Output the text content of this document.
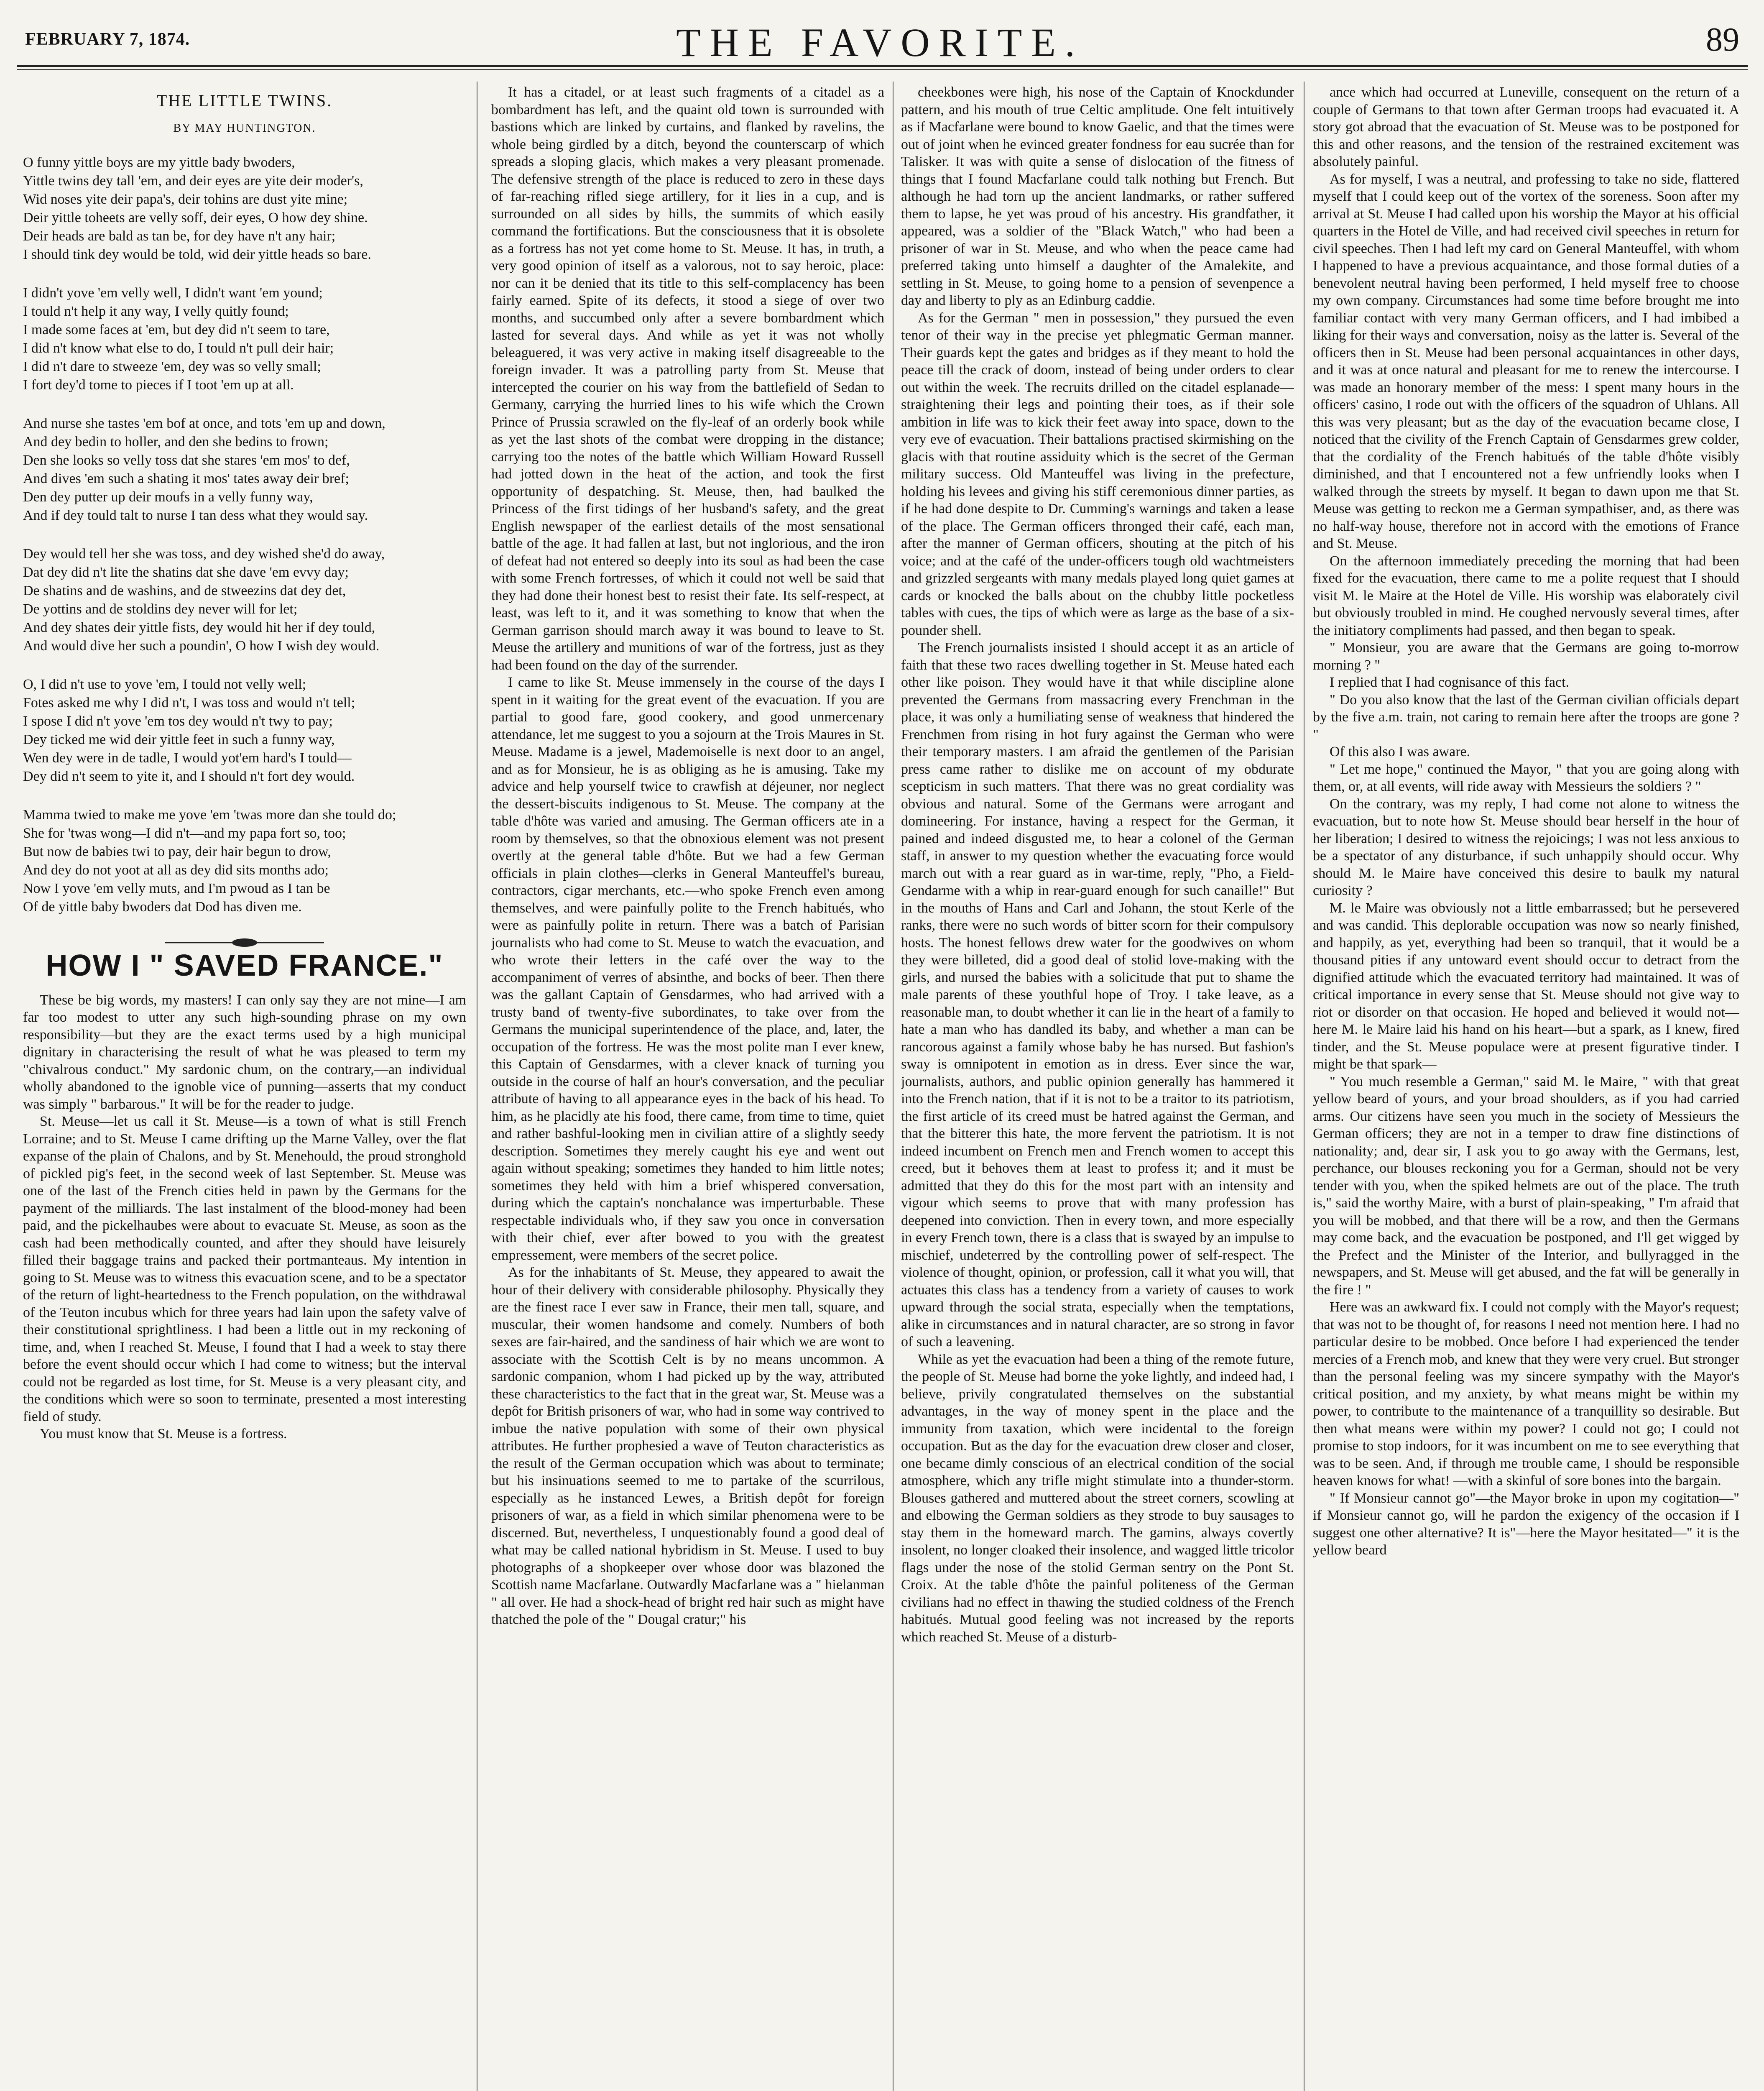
FEBRUARY 7, 1874.	THE FAVORITE.	89
THE LITTLE TWINS.
BY MAY HUNTINGTON.
O funny yittle boys are my yittle bady bwoders,
Yittle twins dey tall 'em, and deir eyes are yite deir moder's,
Wid noses yite deir papa's, deir tohins are dust yite mine;
Deir yittle toheets are velly soff, deir eyes, O how dey shine.
Deir heads are bald as tan be, for dey have n't any hair;
I should tink dey would be told, wid deir yittle heads so bare.
I didn't yove 'em velly well, I didn't want 'em yound;
I tould n't help it any way, I velly quitly found;
I made some faces at 'em, but dey did n't seem to tare,
I did n't know what else to do, I tould n't pull deir hair;
I did n't dare to stweeze 'em, dey was so velly small;
I fort dey'd tome to pieces if I toot 'em up at all.
And nurse she tastes 'em bof at once, and tots 'em up and down,
And dey bedin to holler, and den she bedins to frown;
Den she looks so velly toss dat she stares 'em mos' to def,
And dives 'em such a shating it mos' tates away deir bref;
Den dey putter up deir moufs in a velly funny way,
And if dey tould talt to nurse I tan dess what they would say.
Dey would tell her she was toss, and dey wished she'd do away,
Dat dey did n't lite the shatins dat she dave 'em evvy day;
De shatins and de washins, and de stweezins dat dey det,
De yottins and de stoldins dey never will for let;
And dey shates deir yittle fists, dey would hit her if dey tould,
And would dive her such a poundin', O how I wish dey would.
O, I did n't use to yove 'em, I tould not velly well;
Fotes asked me why I did n't, I was toss and would n't tell;
I spose I did n't yove 'em tos dey would n't twy to pay;
Dey ticked me wid deir yittle feet in such a funny way,
Wen dey were in de tadle, I would yot'em hard's I tould—
Dey did n't seem to yite it, and I should n't fort dey would.
Mamma twied to make me yove 'em 'twas more dan she tould do;
She for 'twas wong—I did n't—and my papa fort so, too;
But now de babies twi to pay, deir hair begun to drow,
And dey do not yoot at all as dey did sits months ado;
Now I yove 'em velly muts, and I'm pwoud as I tan be
Of de yittle baby bwoders dat Dod has diven me.
HOW I " SAVED FRANCE."

These be big words, my masters! I can only say they are not mine—I am far too modest to utter any such high-sounding phrase on my own responsibility—but they are the exact terms used by a high municipal dignitary in characterising the result of what he was pleased to term my "chivalrous conduct." My sardonic chum, on the contrary,—an individual wholly abandoned to the ignoble vice of punning—asserts that my conduct was simply " barbarous." It will be for the reader to judge.

St. Meuse—let us call it St. Meuse—is a town of what is still French Lorraine; and to St. Meuse I came drifting up the Marne Valley, over the flat expanse of the plain of Chalons, and by St. Menehould, the proud stronghold of pickled pig's feet, in the second week of last September. St. Meuse was one of the last of the French cities held in pawn by the Germans for the payment of the milliards. The last instalment of the blood-money had been paid, and the pickelhaubes were about to evacuate St. Meuse, as soon as the cash had been methodically counted, and after they should have leisurely filled their baggage trains and packed their portmanteaus. My intention in going to St. Meuse was to witness this evacuation scene, and to be a spectator of the return of light-heartedness to the French population, on the withdrawal of the Teuton incubus which for three years had lain upon the safety valve of their constitutional sprightliness. I had been a little out in my reckoning of time, and, when I reached St. Meuse, I found that I had a week to stay there before the event should occur which I had come to witness; but the interval could not be regarded as lost time, for St. Meuse is a very pleasant city, and the conditions which were so soon to terminate, presented a most interesting field of study.

You must know that St. Meuse is a fortress.

It has a citadel, or at least such fragments of a citadel as a bombardment has left, and the quaint old town is surrounded with bastions which are linked by curtains, and flanked by ravelins, the whole being girdled by a ditch, beyond the counterscarp of which spreads a sloping glacis, which makes a very pleasant promenade. The defensive strength of the place is reduced to zero in these days of far-reaching rifled siege artillery, for it lies in a cup, and is surrounded on all sides by hills, the summits of which easily command the fortifications. But the consciousness that it is obsolete as a fortress has not yet come home to St. Meuse. It has, in truth, a very good opinion of itself as a valorous, not to say heroic, place: nor can it be denied that its title to this self-complacency has been fairly earned. Spite of its defects, it stood a siege of over two months, and succumbed only after a severe bombardment which lasted for several days. And while as yet it was not wholly beleaguered, it was very active in making itself disagreeable to the foreign invader. It was a patrolling party from St. Meuse that intercepted the courier on his way from the battlefield of Sedan to Germany, carrying the hurried lines to his wife which the Crown Prince of Prussia scrawled on the fly-leaf of an orderly book while as yet the last shots of the combat were dropping in the distance; carrying too the notes of the battle which William Howard Russell had jotted down in the heat of the action, and took the first opportunity of despatching. St. Meuse, then, had baulked the Princess of the first tidings of her husband's safety, and the great English newspaper of the earliest details of the most sensational battle of the age. It had fallen at last, but not inglorious, and the iron of defeat had not entered so deeply into its soul as had been the case with some French fortresses, of which it could not well be said that they had done their honest best to resist their fate. Its self-respect, at least, was left to it, and it was something to know that when the German garrison should march away it was bound to leave to St. Meuse the artillery and munitions of war of the fortress, just as they had been found on the day of the surrender.

I came to like St. Meuse immensely in the course of the days I spent in it waiting for the great event of the evacuation. If you are partial to good fare, good cookery, and good unmercenary attendance, let me suggest to you a sojourn at the Trois Maures in St. Meuse. Madame is a jewel, Mademoiselle is next door to an angel, and as for Monsieur, he is as obliging as he is amusing. Take my advice and help yourself twice to crawfish at déjeuner, nor neglect the dessert-biscuits indigenous to St. Meuse. The company at the table d'hôte was varied and amusing. The German officers ate in a room by themselves, so that the obnoxious element was not present overtly at the general table d'hôte. But we had a few German officials in plain clothes—clerks in General Manteuffel's bureau, contractors, cigar merchants, etc.—who spoke French even among themselves, and were painfully polite to the French habitués, who were as painfully polite in return. There was a batch of Parisian journalists who had come to St. Meuse to watch the evacuation, and who wrote their letters in the café over the way to the accompaniment of verres of absinthe, and bocks of beer. Then there was the gallant Captain of Gensdarmes, who had arrived with a trusty band of twenty-five subordinates, to take over from the Germans the municipal superintendence of the place, and, later, the occupation of the fortress. He was the most polite man I ever knew, this Captain of Gensdarmes, with a clever knack of turning you outside in the course of half an hour's conversation, and the peculiar attribute of having to all appearance eyes in the back of his head. To him, as he placidly ate his food, there came, from time to time, quiet and rather bashful-looking men in civilian attire of a slightly seedy description. Sometimes they merely caught his eye and went out again without speaking; sometimes they handed to him little notes; sometimes they held with him a brief whispered conversation, during which the captain's nonchalance was imperturbable. These respectable individuals who, if they saw you once in conversation with their chief, ever after bowed to you with the greatest empressement, were members of the secret police.

As for the inhabitants of St. Meuse, they appeared to await the hour of their delivery with considerable philosophy. Physically they are the finest race I ever saw in France, their men tall, square, and muscular, their women handsome and comely. Numbers of both sexes are fair-haired, and the sandiness of hair which we are wont to associate with the Scottish Celt is by no means uncommon. A sardonic companion, whom I had picked up by the way, attributed these characteristics to the fact that in the great war, St. Meuse was a depôt for British prisoners of war, who had in some way contrived to imbue the native population with some of their own physical attributes. He further prophesied a wave of Teuton characteristics as the result of the German occupation which was about to terminate; but his insinuations seemed to me to partake of the scurrilous, especially as he instanced Lewes, a British depôt for foreign prisoners of war, as a field in which similar phenomena were to be discerned. But, nevertheless, I unquestionably found a good deal of what may be called national hybridism in St. Meuse. I used to buy photographs of a shopkeeper over whose door was blazoned the Scottish name Macfarlane. Outwardly Macfarlane was a " hielanman " all over. He had a shock-head of bright red hair such as might have thatched the pole of the " Dougal cratur;" his

cheekbones were high, his nose of the Captain of Knockdunder pattern, and his mouth of true Celtic amplitude. One felt intuitively as if Macfarlane were bound to know Gaelic, and that the times were out of joint when he evinced greater fondness for eau sucrée than for Talisker. It was with quite a sense of dislocation of the fitness of things that I found Macfarlane could talk nothing but French. But although he had torn up the ancient landmarks, or rather suffered them to lapse, he yet was proud of his ancestry. His grandfather, it appeared, was a soldier of the "Black Watch," who had been a prisoner of war in St. Meuse, and who when the peace came had preferred taking unto himself a daughter of the Amalekite, and settling in St. Meuse, to going home to a pension of sevenpence a day and liberty to ply as an Edinburg caddie.

As for the German " men in possession," they pursued the even tenor of their way in the precise yet phlegmatic German manner. Their guards kept the gates and bridges as if they meant to hold the peace till the crack of doom, instead of being under orders to clear out within the week. The recruits drilled on the citadel esplanade—straightening their legs and pointing their toes, as if their sole ambition in life was to kick their feet away into space, down to the very eve of evacuation. Their battalions practised skirmishing on the glacis with that routine assiduity which is the secret of the German military success. Old Manteuffel was living in the prefecture, holding his levees and giving his stiff ceremonious dinner parties, as if he had done despite to Dr. Cumming's warnings and taken a lease of the place. The German officers thronged their café, each man, after the manner of German officers, shouting at the pitch of his voice; and at the café of the under-officers tough old wachtmeisters and grizzled sergeants with many medals played long quiet games at cards or knocked the balls about on the chubby little pocketless tables with cues, the tips of which were as large as the base of a six-pounder shell.

The French journalists insisted I should accept it as an article of faith that these two races dwelling together in St. Meuse hated each other like poison. They would have it that while discipline alone prevented the Germans from massacring every Frenchman in the place, it was only a humiliating sense of weakness that hindered the Frenchmen from rising in hot fury against the German who were their temporary masters. I am afraid the gentlemen of the Parisian press came rather to dislike me on account of my obdurate scepticism in such matters. That there was no great cordiality was obvious and natural. Some of the Germans were arrogant and domineering. For instance, having a respect for the German, it pained and indeed disgusted me, to hear a colonel of the German staff, in answer to my question whether the evacuating force would march out with a rear guard as in war-time, reply, "Pho, a Field-Gendarme with a whip in rear-guard enough for such canaille!" But in the mouths of Hans and Carl and Johann, the stout Kerle of the ranks, there were no such words of bitter scorn for their compulsory hosts. The honest fellows drew water for the goodwives on whom they were billeted, did a good deal of stolid love-making with the girls, and nursed the babies with a solicitude that put to shame the male parents of these youthful hope of Troy. I take leave, as a reasonable man, to doubt whether it can lie in the heart of a family to hate a man who has dandled its baby, and whether a man can be rancorous against a family whose baby he has nursed. But fashion's sway is omnipotent in emotion as in dress. Ever since the war, journalists, authors, and public opinion generally has hammered it into the French nation, that if it is not to be a traitor to its patriotism, the first article of its creed must be hatred against the German, and that the bitterer this hate, the more fervent the patriotism. It is not indeed incumbent on French men and French women to accept this creed, but it behoves them at least to profess it; and it must be admitted that they do this for the most part with an intensity and vigour which seems to prove that with many profession has deepened into conviction. Then in every town, and more especially in every French town, there is a class that is swayed by an impulse to mischief, undeterred by the controlling power of self-respect. The violence of thought, opinion, or profession, call it what you will, that actuates this class has a tendency from a variety of causes to work upward through the social strata, especially when the temptations, alike in circumstances and in natural character, are so strong in favor of such a leavening.

While as yet the evacuation had been a thing of the remote future, the people of St. Meuse had borne the yoke lightly, and indeed had, I believe, privily congratulated themselves on the substantial advantages, in the way of money spent in the place and the immunity from taxation, which were incidental to the foreign occupation. But as the day for the evacuation drew closer and closer, one became dimly conscious of an electrical condition of the social atmosphere, which any trifle might stimulate into a thunder-storm. Blouses gathered and muttered about the street corners, scowling at and elbowing the German soldiers as they strode to buy sausages to stay them in the homeward march. The gamins, always covertly insolent, no longer cloaked their insolence, and wagged little tricolor flags under the nose of the stolid German sentry on the Pont St. Croix. At the table d'hôte the painful politeness of the German civilians had no effect in thawing the studied coldness of the French habitués. Mutual good feeling was not increased by the reports which reached St. Meuse of a disturb-

ance which had occurred at Luneville, consequent on the return of a couple of Germans to that town after German troops had evacuated it. A story got abroad that the evacuation of St. Meuse was to be postponed for this and other reasons, and the tension of the restrained excitement was absolutely painful.

As for myself, I was a neutral, and professing to take no side, flattered myself that I could keep out of the vortex of the soreness. Soon after my arrival at St. Meuse I had called upon his worship the Mayor at his official quarters in the Hotel de Ville, and had received civil speeches in return for civil speeches. Then I had left my card on General Manteuffel, with whom I happened to have a previous acquaintance, and those formal duties of a benevolent neutral having been performed, I held myself free to choose my own company. Circumstances had some time before brought me into familiar contact with very many German officers, and I had imbibed a liking for their ways and conversation, noisy as the latter is. Several of the officers then in St. Meuse had been personal acquaintances in other days, and it was at once natural and pleasant for me to renew the intercourse. I was made an honorary member of the mess: I spent many hours in the officers' casino, I rode out with the officers of the squadron of Uhlans. All this was very pleasant; but as the day of the evacuation became close, I noticed that the civility of the French Captain of Gensdarmes grew colder, that the cordiality of the French habitués of the table d'hôte visibly diminished, and that I encountered not a few unfriendly looks when I walked through the streets by myself. It began to dawn upon me that St. Meuse was getting to reckon me a German sympathiser, and, as there was no half-way house, therefore not in accord with the emotions of France and St. Meuse.

On the afternoon immediately preceding the morning that had been fixed for the evacuation, there came to me a polite request that I should visit M. le Maire at the Hotel de Ville. His worship was elaborately civil but obviously troubled in mind. He coughed nervously several times, after the initiatory compliments had passed, and then began to speak.

" Monsieur, you are aware that the Germans are going to-morrow morning ? "

I replied that I had cognisance of this fact.

" Do you also know that the last of the German civilian officials depart by the five a.m. train, not caring to remain here after the troops are gone ? "

Of this also I was aware.

" Let me hope," continued the Mayor, " that you are going along with them, or, at all events, will ride away with Messieurs the soldiers ? "

On the contrary, was my reply, I had come not alone to witness the evacuation, but to note how St. Meuse should bear herself in the hour of her liberation; I desired to witness the rejoicings; I was not less anxious to be a spectator of any disturbance, if such unhappily should occur. Why should M. le Maire have conceived this desire to baulk my natural curiosity ?

M. le Maire was obviously not a little embarrassed; but he persevered and was candid. This deplorable occupation was now so nearly finished, and happily, as yet, everything had been so tranquil, that it would be a thousand pities if any untoward event should occur to detract from the dignified attitude which the evacuated territory had maintained. It was of critical importance in every sense that St. Meuse should not give way to riot or disorder on that occasion. He hoped and believed it would not—here M. le Maire laid his hand on his heart—but a spark, as I knew, fired tinder, and the St. Meuse populace were at present figurative tinder. I might be that spark—

" You much resemble a German," said M. le Maire, " with that great yellow beard of yours, and your broad shoulders, as if you had carried arms. Our citizens have seen you much in the society of Messieurs the German officers; they are not in a temper to draw fine distinctions of nationality; and, dear sir, I ask you to go away with the Germans, lest, perchance, our blouses reckoning you for a German, should not be very tender with you, when the spiked helmets are out of the place. The truth is," said the worthy Maire, with a burst of plain-speaking, " I'm afraid that you will be mobbed, and that there will be a row, and then the Germans may come back, and the evacuation be postponed, and I'll get wigged by the Prefect and the Minister of the Interior, and bullyragged in the newspapers, and St. Meuse will get abused, and the fat will be generally in the fire ! "

Here was an awkward fix. I could not comply with the Mayor's request; that was not to be thought of, for reasons I need not mention here. I had no particular desire to be mobbed. Once before I had experienced the tender mercies of a French mob, and knew that they were very cruel. But stronger than the personal feeling was my sincere sympathy with the Mayor's critical position, and my anxiety, by what means might be within my power, to contribute to the maintenance of a tranquillity so desirable. But then what means were within my power? I could not go; I could not promise to stop indoors, for it was incumbent on me to see everything that was to be seen. And, if through me trouble came, I should be responsible heaven knows for what! —with a skinful of sore bones into the bargain.

" If Monsieur cannot go"—the Mayor broke in upon my cogitation—" if Monsieur cannot go, will he pardon the exigency of the occasion if I suggest one other alternative? It is"—here the Mayor hesitated—" it is the yellow beard
